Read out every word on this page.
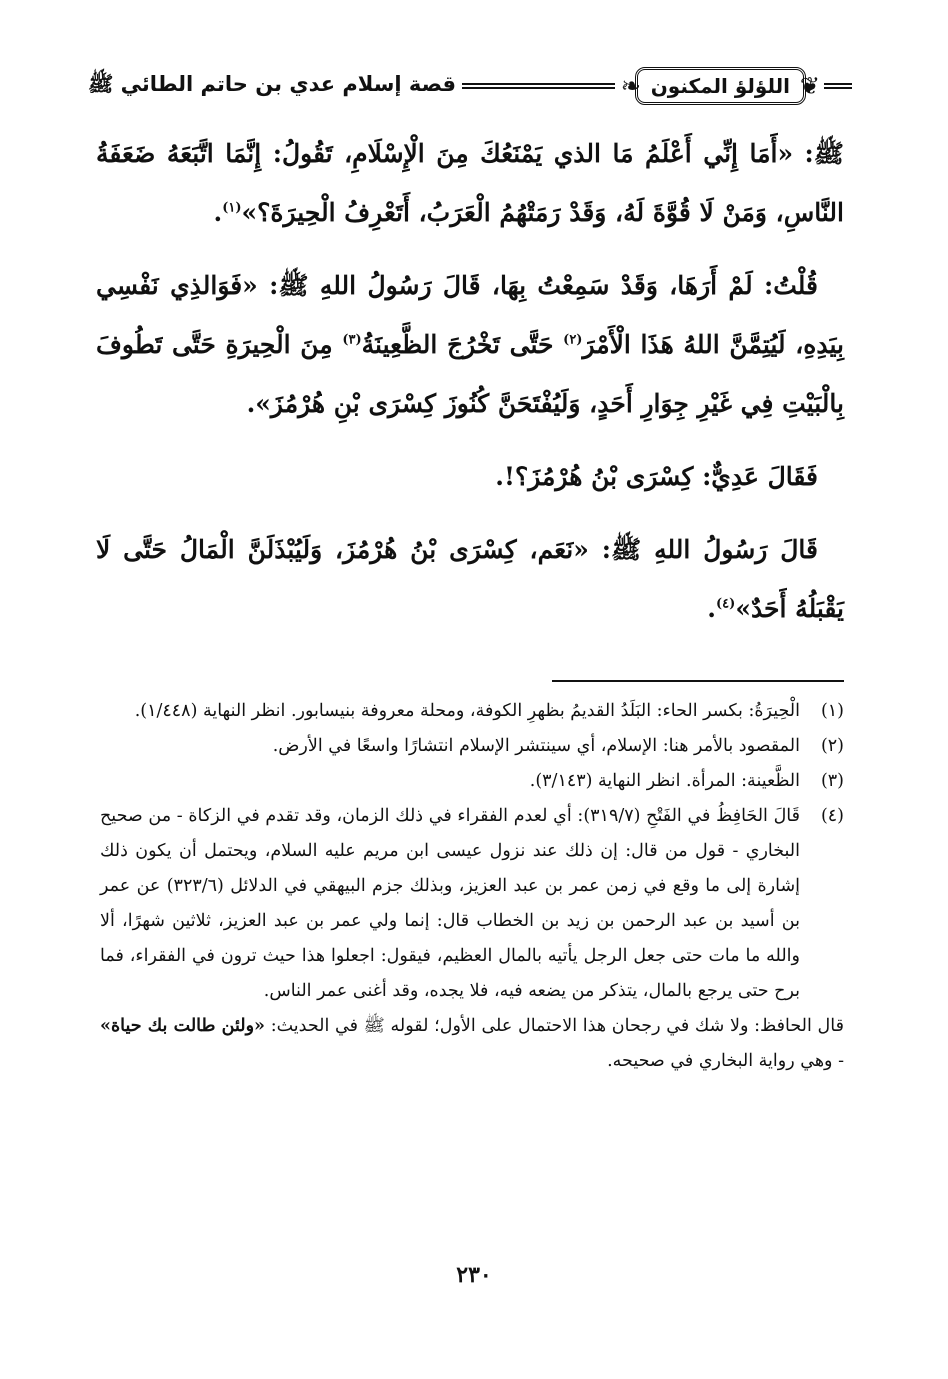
❦
اللؤلؤ المكنون
❧
قصة إسلام عدي بن حاتم الطائي ﷺ

ﷺ: «أَمَا إِنِّي أَعْلَمُ مَا الذي يَمْنَعُكَ مِنَ الْإِسْلَامِ، تَقُولُ: إِنَّمَا اتَّبَعَهُ ضَعَفَةُ النَّاسِ، وَمَنْ لَا قُوَّةَ لَهُ، وَقَدْ رَمَتْهُمُ الْعَرَبُ، أَتَعْرِفُ الْحِيرَةَ؟»$^{(١)}$.

قُلْتُ: لَمْ أَرَهَا، وَقَدْ سَمِعْتُ بِهَا، قَالَ رَسُولُ اللهِ ﷺ: «فَوَالذِي نَفْسِي بِيَدِهِ، لَيُتِمَّنَّ اللهُ هَذَا الْأَمْرَ$^{(٢)}$ حَتَّى تَخْرُجَ الظَّعِينَةُ$^{(٣)}$ مِنَ الْحِيرَةِ حَتَّى تَطُوفَ بِالْبَيْتِ فِي غَيْرِ جِوَارِ أَحَدٍ، وَلَيُفْتَحَنَّ كُنُوزَ كِسْرَى بْنِ هُرْمُزَ».

فَقَالَ عَدِيٌّ: كِسْرَى بْنُ هُرْمُزَ؟!.

قَالَ رَسُولُ اللهِ ﷺ: «نَعَم، كِسْرَى بْنُ هُرْمُزَ، وَلَيُبْذَلَنَّ الْمَالُ حَتَّى لَا يَقْبَلُهُ أَحَدٌ»$^{(٤)}$.

(١)
الْحِيرَةُ: بكسر الحاء: البَلَدُ القديمُ بظهرِ الكوفة، ومحلة معروفة بنيسابور. انظر النهاية (١/٤٤٨).
(٢)
المقصود بالأمر هنا: الإسلام، أي سينتشر الإسلام انتشارًا واسعًا في الأرض.
(٣)
الظَّعينة: المرأة. انظر النهاية (٣/١٤٣).
(٤)
قَالَ الحَافِظُ في الفَتْحِ (٣١٩/٧): أي لعدم الفقراء في ذلك الزمان، وقد تقدم في الزكاة - من صحيح البخاري - قول من قال: إن ذلك عند نزول عيسى ابن مريم عليه السلام، ويحتمل أن يكون ذلك إشارة إلى ما وقع في زمن عمر بن عبد العزيز، وبذلك جزم البيهقي في الدلائل (٣٢٣/٦) عن عمر بن أسيد بن عبد الرحمن بن زيد بن الخطاب قال: إنما ولي عمر بن عبد العزيز، ثلاثين شهرًا، ألا والله ما مات حتى جعل الرجل يأتيه بالمال العظيم، فيقول: اجعلوا هذا حيث ترون في الفقراء، فما برح حتى يرجع بالمال، يتذكر من يضعه فيه، فلا يجده، وقد أغنى عمر الناس.
قال الحافظ: ولا شك في رجحان هذا الاحتمال على الأول؛ لقوله ﷺ في الحديث: «ولئن طالت بك حياة» - وهي رواية البخاري في صحيحه.
٢٣٠
